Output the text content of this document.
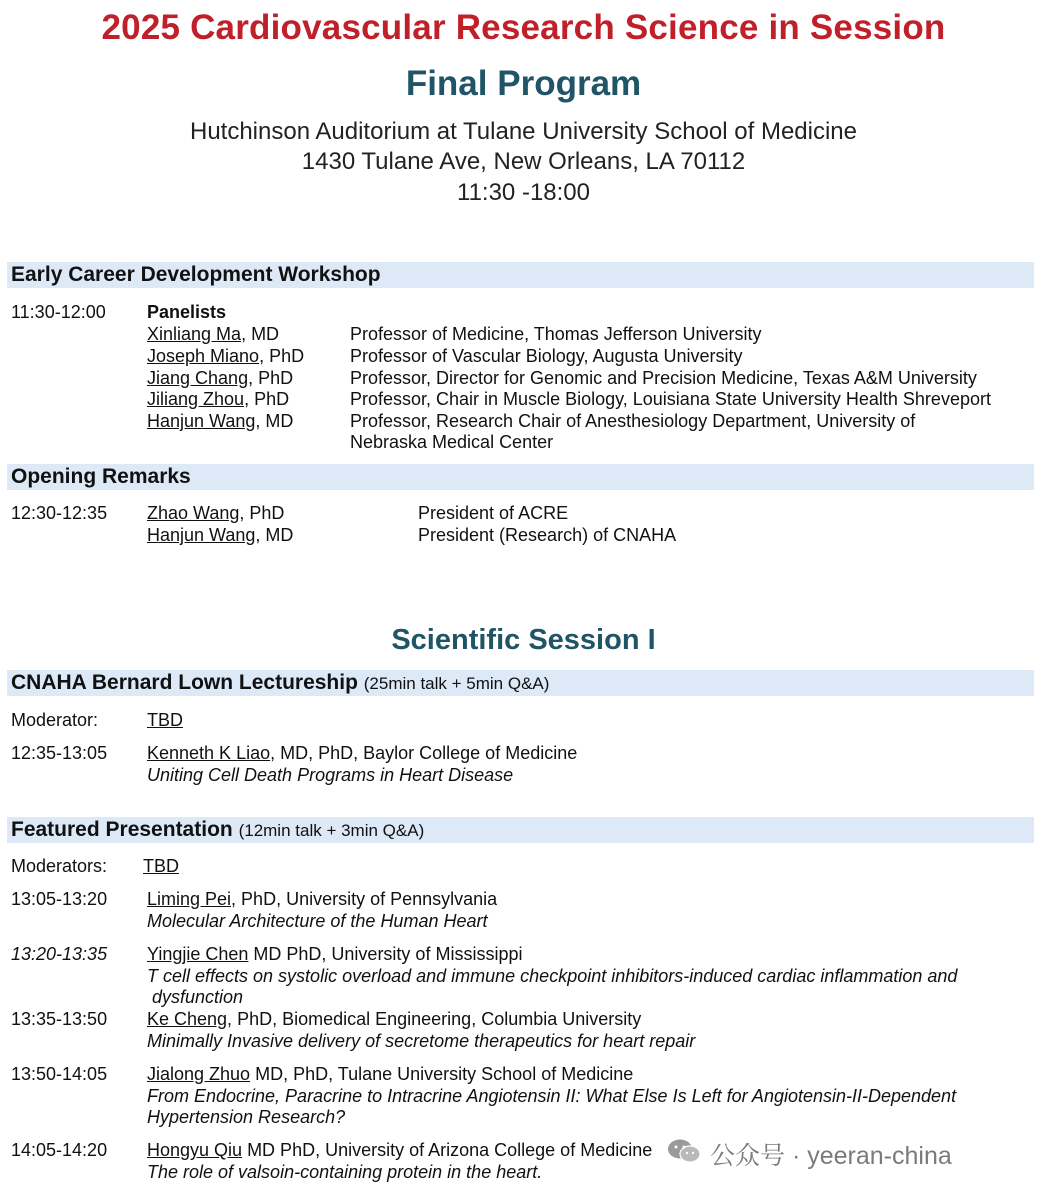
2025 Cardiovascular Research Science in Session
Final Program
Hutchinson Auditorium at Tulane University School of Medicine
1430 Tulane Ave, New Orleans, LA 70112
11:30 -18:00
Early Career Development Workshop
11:30-12:00 Panelists
Xinliang Ma, MD	Professor of Medicine, Thomas Jefferson University
Joseph Miano, PhD	Professor of Vascular Biology, Augusta University
Jiang Chang, PhD	Professor, Director for Genomic and Precision Medicine, Texas A&M University
Jiliang Zhou, PhD	Professor, Chair in Muscle Biology, Louisiana State University Health Shreveport
Hanjun Wang, MD	Professor, Research Chair of Anesthesiology Department, University of
Nebraska Medical Center
Opening Remarks
12:30-12:35 Zhao Wang, PhD	President of ACRE
Hanjun Wang, MD	President (Research) of CNAHA
Scientific Session I
CNAHA Bernard Lown Lectureship (25min talk + 5min Q&A)
Moderator:	TBD
12:35-13:05 Kenneth K Liao, MD, PhD, Baylor College of Medicine
Uniting Cell Death Programs in Heart Disease
Featured Presentation (12min talk + 3min Q&A)
Moderators: TBD
13:05-13:20 Liming Pei, PhD, University of Pennsylvania
Molecular Architecture of the Human Heart
13:20-13:35 Yingjie Chen MD PhD, University of Mississippi
T cell effects on systolic overload and immune checkpoint inhibitors-induced cardiac inflammation and
dysfunction
13:35-13:50 Ke Cheng, PhD, Biomedical Engineering, Columbia University
Minimally Invasive delivery of secretome therapeutics for heart repair
13:50-14:05 Jialong Zhuo MD, PhD, Tulane University School of Medicine
From Endocrine, Paracrine to Intracrine Angiotensin II: What Else Is Left for Angiotensin-II-Dependent
Hypertension Research?
14:05-14:20 Hongyu Qiu MD PhD, University of Arizona College of Medicine
The role of valsoin-containing protein in the heart.
公众号 · yeeran-china
